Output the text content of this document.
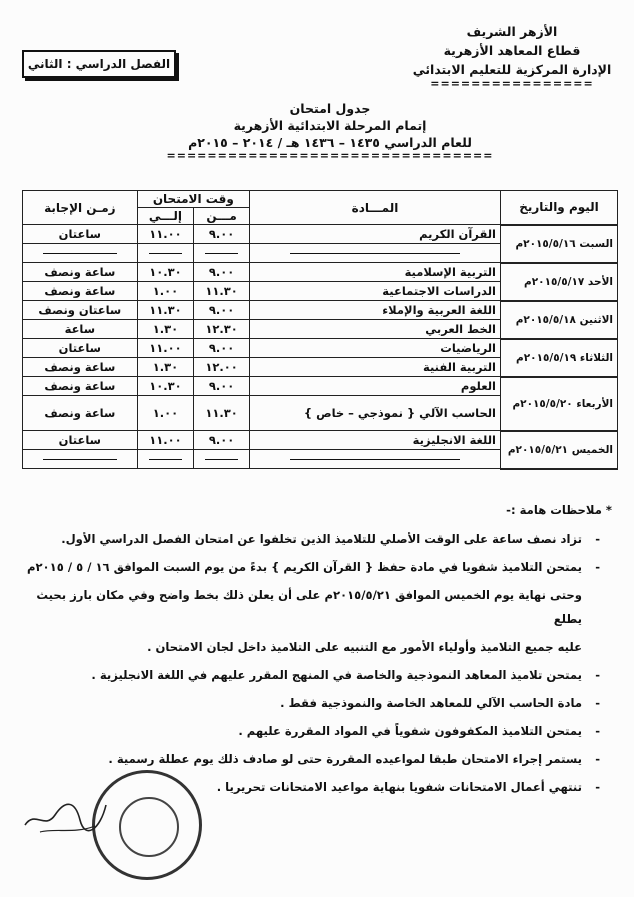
الأزهر الشريف
قطاع المعاهد الأزهرية
الإدارة المركزية للتعليم الابتدائي
================
الفصل الدراسي : الثاني
جدول امتحان
إتمام المرحلة الابتدائية الأزهرية
للعام الدراسي ١٤٣٥ – ١٤٣٦ هـ / ٢٠١٤ – ٢٠١٥م
================================
اليوم والتاريخ	المـــادة	وقت الامتحان		زمـن الإجابة
		مـــن	إلـــي	
السبت ٢٠١٥/٥/١٦م	القرآن الكريم	٩.٠٠	١١.٠٠	ساعتان

الأحد ٢٠١٥/٥/١٧م	التربية الإسلامية	٩.٠٠	١٠.٣٠	ساعة ونصف
	الدراسات الاجتماعية	١١.٣٠	١.٠٠	ساعة ونصف
الاثنين ٢٠١٥/٥/١٨م	اللغة العربية والإملاء	٩.٠٠	١١.٣٠	ساعتان ونصف
	الخط العربي	١٢.٣٠	١.٣٠	ساعة
الثلاثاء ٢٠١٥/٥/١٩م	الرياضيات	٩.٠٠	١١.٠٠	ساعتان
	التربية الفنية	١٢.٠٠	١.٣٠	ساعة ونصف
الأربعاء ٢٠١٥/٥/٢٠م	العلوم	٩.٠٠	١٠.٣٠	ساعة ونصف
	الحاسب الآلي { نموذجي – خاص }	١١.٣٠	١.٠٠	ساعة ونصف
الخميس ٢٠١٥/٥/٢١م	اللغة الانجليزية	٩.٠٠	١١.٠٠	ساعتان

* ملاحظات هامة :-
- تزاد نصف ساعة على الوقت الأصلي للتلاميذ الذين تخلفوا عن امتحان الفصل الدراسي الأول.
- يمتحن التلاميذ شفويا في مادة حفظ { القرآن الكريم } بدءً من يوم السبت الموافق ١٦ / ٥ / ٢٠١٥م
وحتى نهاية يوم الخميس الموافق ٢٠١٥/٥/٢١م على أن يعلن ذلك بخط واضح وفي مكان بارز بحيث يطلع
عليه جميع التلاميذ وأولياء الأمور مع التنبيه على التلاميذ داخل لجان الامتحان .
- يمتحن تلاميذ المعاهد النموذجية والخاصة في المنهج المقرر عليهم في اللغة الانجليزية .
- مادة الحاسب الآلي للمعاهد الخاصة والنموذجية فقط .
- يمتحن التلاميذ المكفوفون شفوياً في المواد المقررة عليهم .
- يستمر إجراء الامتحان طبقا لمواعيده المقررة حتى لو صادف ذلك يوم عطلة رسمية .
- تنتهي أعمال الامتحانات شفويا بنهاية مواعيد الامتحانات تحريريا .
